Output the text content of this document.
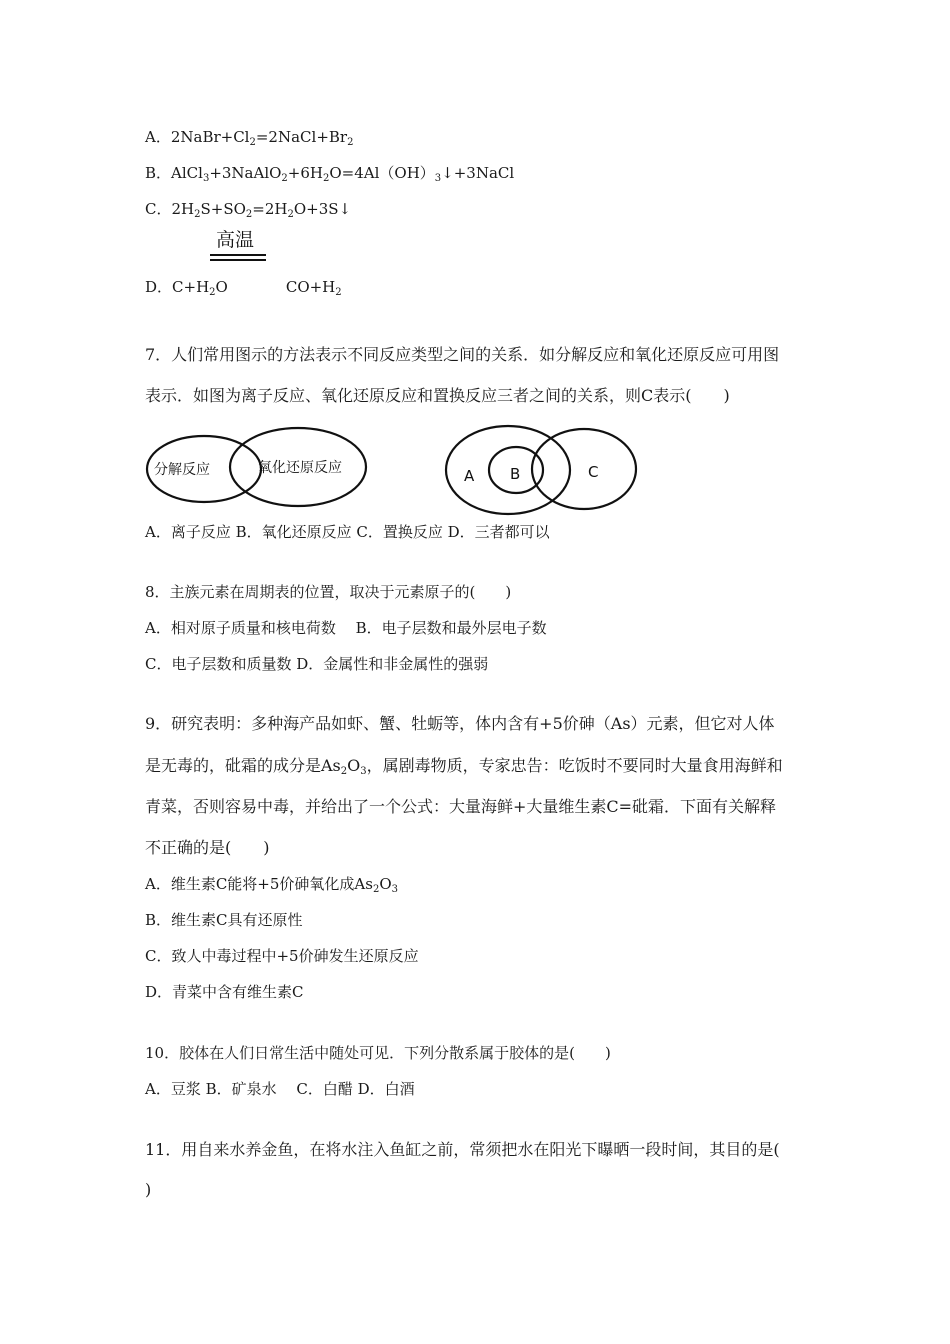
A．$2NaBr+Cl_2=2NaCl+Br_2$
B．$AlCl_3+3NaAlO_2+6H_2O=4Al(OH)_3↓+3NaCl$
C．$2H_2S+SO_2=2H_2O+3S↓$
高温
D．$C+H_2O$	$CO+H_2$
7．人们常用图示的方法表示不同反应类型之间的关系．如分解反应和氧化还原反应可用图
表示．如图为离子反应、氧化还原反应和置换反应三者之间的关系，则C表示(　　)
分解反应	氧化还原反应	A B	C
A．离子反应 B．氧化还原反应 C．置换反应 D．三者都可以
8．主族元素在周期表的位置，取决于元素原子的(　　)
A．相对原子质量和核电荷数　 B．电子层数和最外层电子数
C．电子层数和质量数 D．金属性和非金属性的强弱
9．研究表明：多种海产品如虾、蟹、牡蛎等，体内含有+5价砷（As）元素，但它对人体
是无毒的，砒霜的成分是$As_2O_3$，属剧毒物质，专家忠告：吃饭时不要同时大量食用海鲜和
青菜，否则容易中毒，并给出了一个公式：大量海鲜+大量维生素C=砒霜．下面有关解释
不正确的是(　　)
A．维生素C能将+5价砷氧化成$As_2O_3$
B．维生素C具有还原性
C．致人中毒过程中+5价砷发生还原反应
D．青菜中含有维生素C
10．胶体在人们日常生活中随处可见．下列分散系属于胶体的是(　　)
A．豆浆 B．矿泉水　 C．白醋 D．白酒
11．用自来水养金鱼，在将水注入鱼缸之前，常须把水在阳光下曝晒一段时间，其目的是(
)
